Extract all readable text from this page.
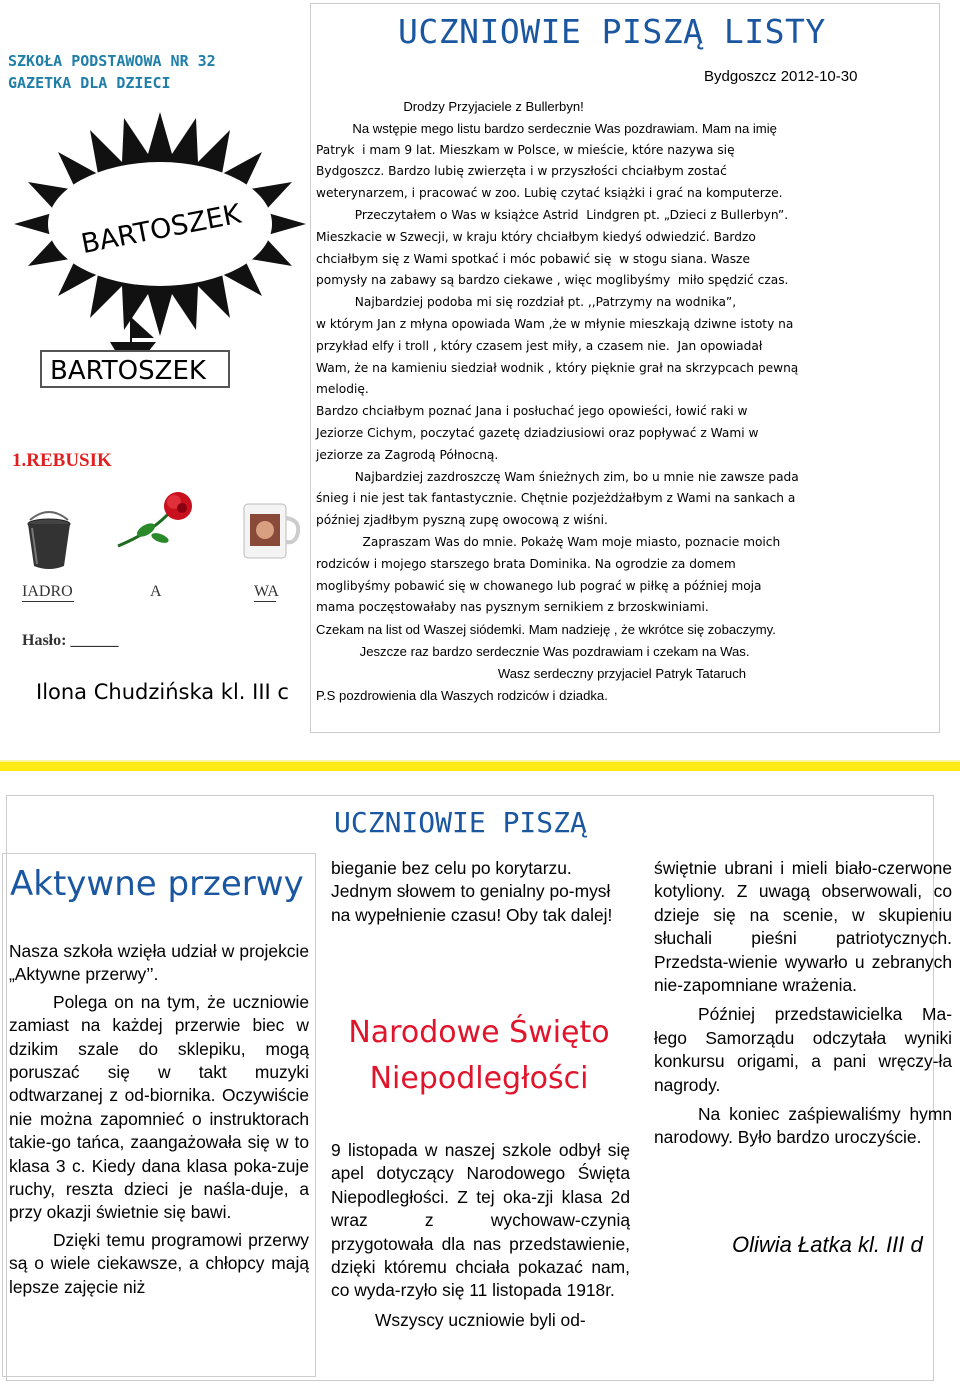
SZKOŁA PODSTAWOWA NR 32
GAZETKA DLA DZIECI

BARTOSZEK
BARTOSZEK
1.REBUSIK
IADRO	A	WA
Hasło: ______
Ilona Chudzińska kl. III c
UCZNIOWIE PISZĄ LISTY
Bydgoszcz 2012-10-30

Drodzy Przyjaciele z Bullerbyn!

Na wstępie mego listu bardzo serdecznie Was pozdrawiam. Mam na imię

Patryk  i mam 9 lat. Mieszkam w Polsce, w mieście, które nazywa się

Bydgoszcz. Bardzo lubię zwierzęta i w przyszłości chciałbym zostać

weterynarzem, i pracować w zoo. Lubię czytać książki i grać na komputerze.

Przeczytałem o Was w książce Astrid  Lindgren pt. „Dzieci z Bullerbyn”.

Mieszkacie w Szwecji, w kraju który chciałbym kiedyś odwiedzić. Bardzo

chciałbym się z Wami spotkać i móc pobawić się  w stogu siana. Wasze

pomysły na zabawy są bardzo ciekawe , więc moglibyśmy  miło spędzić czas.

Najbardziej podoba mi się rozdział pt. ,,Patrzymy na wodnika”,

w którym Jan z młyna opowiada Wam ,że w młynie mieszkają dziwne istoty na

przykład elfy i troll , który czasem jest miły, a czasem nie.  Jan opowiadał

Wam, że na kamieniu siedział wodnik , który pięknie grał na skrzypcach pewną

melodię.

Bardzo chciałbym poznać Jana i posłuchać jego opowieści, łowić raki w

Jeziorze Cichym, poczytać gazetę dziadziusiowi oraz popływać z Wami w

jeziorze za Zagrodą Północną.

Najbardziej zazdroszczę Wam śnieżnych zim, bo u mnie nie zawsze pada

śnieg i nie jest tak fantastycznie. Chętnie pozjeżdżałbym z Wami na sankach a

później zjadłbym pyszną zupę owocową z wiśni.

Zapraszam Was do mnie. Pokażę Wam moje miasto, poznacie moich

rodziców i mojego starszego brata Dominika. Na ogrodzie za domem

moglibyśmy pobawić się w chowanego lub pograć w piłkę a później moja

mama poczęstowałaby nas pysznym sernikiem z brzoskwiniami.

Czekam na list od Waszej siódemki. Mam nadzieję , że wkrótce się zobaczymy.

Jeszcze raz bardzo serdecznie Was pozdrawiam i czekam na Was.

Wasz serdeczny przyjaciel Patryk Tataruch

P.S pozdrowienia dla Waszych rodziców i dziadka.

UCZNIOWIE PISZĄ
Aktywne przerwy

Nasza szkoła wzięła udział w projekcie „Aktywne przerwy’’.

Polega on na tym, że uczniowie zamiast na każdej przerwie biec w dzikim szale do sklepiku, mogą poruszać się w takt muzyki odtwarzanej z od-biornika. Oczywiście nie można zapomnieć o instruktorach takie-go tańca, zaangażowała się w to klasa 3 c. Kiedy dana klasa poka-zuje ruchy, reszta dzieci je naśla-duje, a przy okazji świetnie się bawi.

Dzięki temu programowi przerwy są o wiele ciekawsze, a chłopcy mają lepsze zajęcie niż

bieganie bez celu po korytarzu. Jednym słowem to genialny po-mysł na wypełnienie czasu! Oby tak dalej!

Narodowe Święto
Niepodległości

9 listopada w naszej szkole odbył się apel dotyczący Narodowego Święta Niepodległości. Z tej oka-zji klasa 2d wraz z wychowaw-czynią przygotowała dla nas przedstawienie, dzięki któremu chciała pokazać nam, co wyda-rzyło się 11 listopada 1918r.

Wszyscy uczniowie byli od-

świętnie ubrani i mieli biało-czerwone kotyliony. Z uwagą obserwowali, co dzieje się na scenie, w skupieniu słuchali pieśni patriotycznych. Przedsta-wienie wywarło u zebranych nie-zapomniane wrażenia.

Później przedstawicielka Ma-łego Samorządu odczytała wyniki konkursu origami, a pani wręczy-ła nagrody.

Na koniec zaśpiewaliśmy hymn narodowy. Było bardzo uroczyście.

Oliwia Łatka kl. III d
